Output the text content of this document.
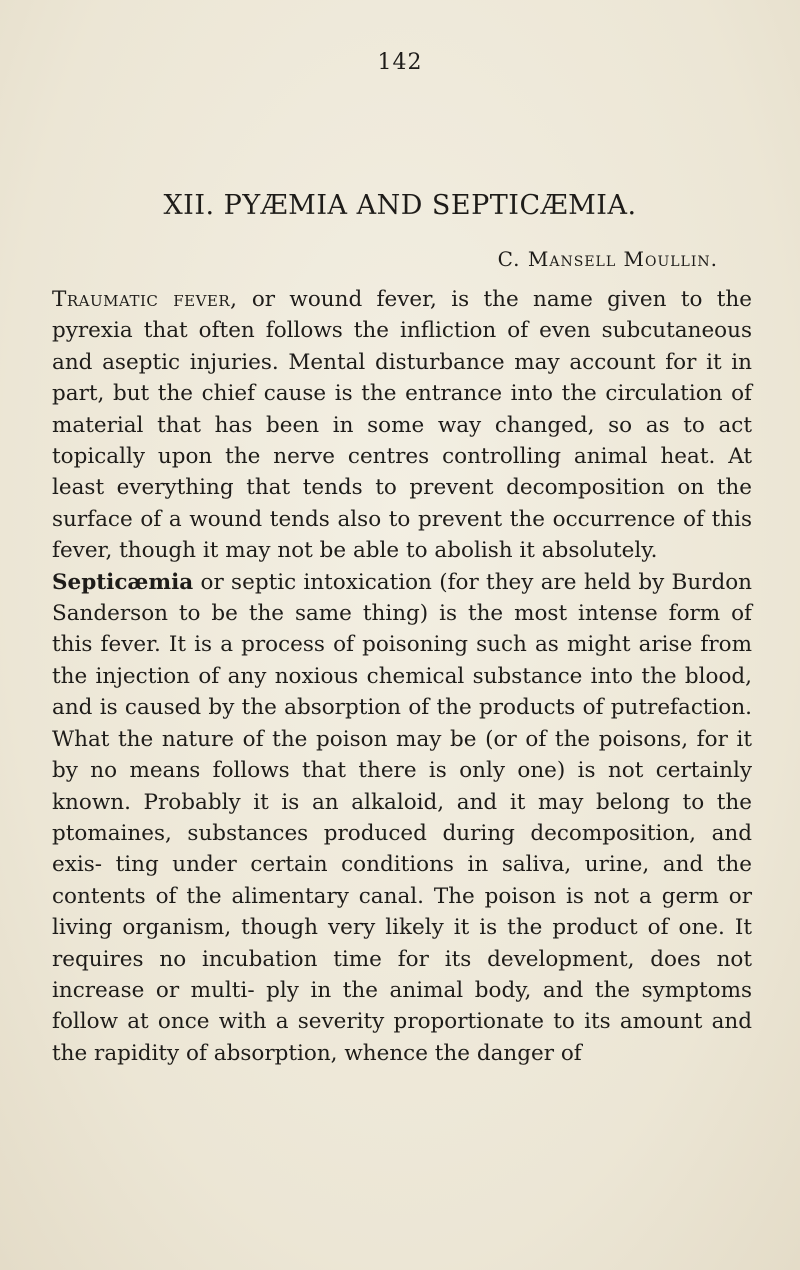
142
XII. PYÆMIA AND SEPTICÆMIA.
C. Mansell Moullin.

Traumatic fever, or wound fever, is the name given to the pyrexia that often follows the infliction of even subcutaneous and aseptic injuries. Mental disturbance may account for it in part, but the chief cause is the entrance into the circulation of material that has been in some way changed, so as to act topically upon the nerve centres controlling animal heat. At least everything that tends to prevent decomposition on the surface of a wound tends also to prevent the occurrence of this fever, though it may not be able to abolish it absolutely.

Septicæmia or septic intoxication (for they are held by Burdon Sanderson to be the same thing) is the most intense form of this fever. It is a process of poisoning such as might arise from the injection of any noxious chemical substance into the blood, and is caused by the absorption of the products of putrefaction. What the nature of the poison may be (or of the poisons, for it by no means follows that there is only one) is not certainly known. Probably it is an alkaloid, and it may belong to the ptomaines, substances produced during decomposition, and exis- ting under certain conditions in saliva, urine, and the contents of the alimentary canal. The poison is not a germ or living organism, though very likely it is the product of one. It requires no incubation time for its development, does not increase or multi- ply in the animal body, and the symptoms follow at once with a severity proportionate to its amount and the rapidity of absorption, whence the danger of
